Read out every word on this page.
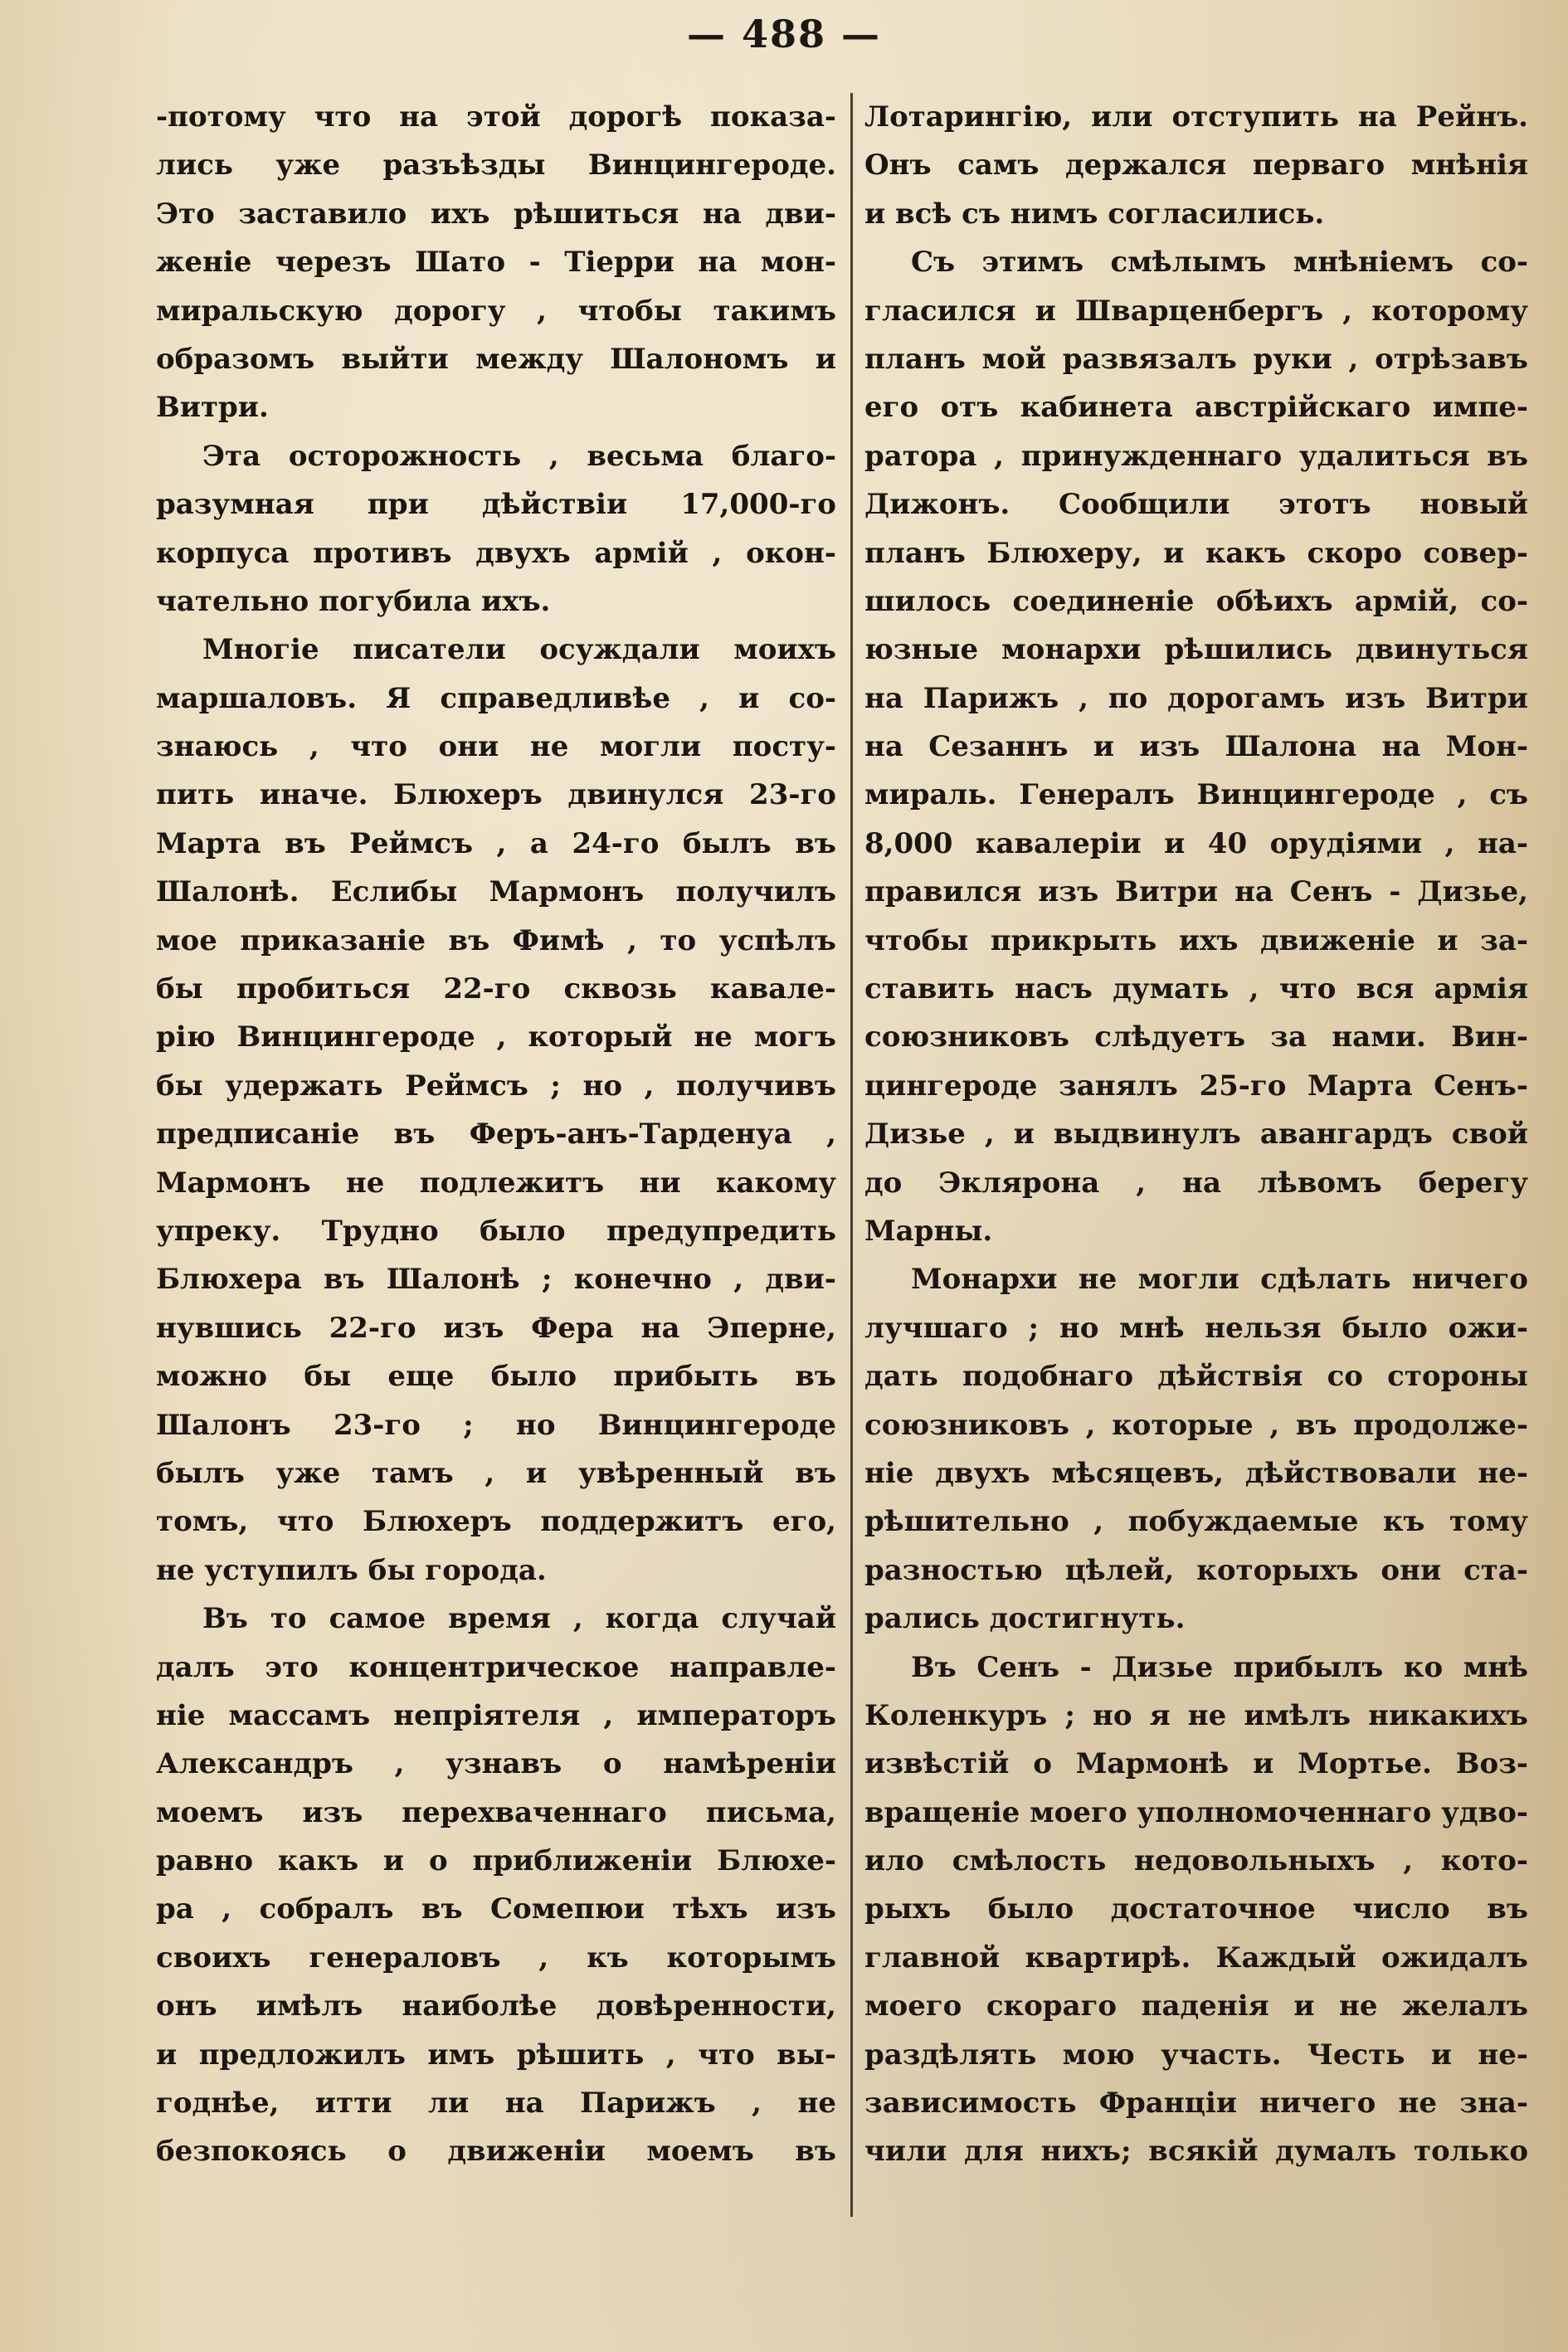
— 488 —
-потому что на этой дорогѣ показа-
лись уже разъѣзды Винцингероде.
Это заставило ихъ рѣшиться на дви-
женіе черезъ Шато - Тіерри на мон-
миральскую дорогу , чтобы такимъ
образомъ выйти между Шалономъ и
Витри.
Эта осторожность , весьма благо-
разумная при дѣйствіи 17,000-го
корпуса противъ двухъ армій , окон-
чательно погубила ихъ.
Многіе писатели осуждали моихъ
маршаловъ. Я справедливѣе , и со-
знаюсь , что они не могли посту-
пить иначе. Блюхеръ двинулся 23-го
Марта въ Реймсъ , а 24-го былъ въ
Шалонѣ. Еслибы Мармонъ получилъ
мое приказаніе въ Фимѣ , то успѣлъ
бы пробиться 22-го сквозь кавале-
рію Винцингероде , который не могъ
бы удержать Реймсъ ; но , получивъ
предписаніе въ Феръ-анъ-Тарденуа ,
Мармонъ не подлежитъ ни какому
упреку. Трудно было предупредить
Блюхера въ Шалонѣ ; конечно , дви-
нувшись 22-го изъ Фера на Эперне,
можно бы еще было прибыть въ
Шалонъ 23-го ; но Винцингероде
былъ уже тамъ , и увѣренный въ
томъ, что Блюхеръ поддержитъ его,
не уступилъ бы города.
Въ то самое время , когда случай
далъ это концентрическое направле-
ніе массамъ непріятеля , императоръ
Александръ , узнавъ о намѣреніи
моемъ изъ перехваченнаго письма,
равно какъ и о приближеніи Блюхе-
ра , собралъ въ Сомепюи тѣхъ изъ
своихъ генераловъ , къ которымъ
онъ имѣлъ наиболѣе довѣренности,
и предложилъ имъ рѣшить , что вы-
годнѣе, итти ли на Парижъ , не
безпокоясь о движеніи моемъ въ
Лотарингію, или отступить на Рейнъ.
Онъ самъ держался перваго мнѣнія
и всѣ съ нимъ согласились.
Съ этимъ смѣлымъ мнѣніемъ со-
гласился и Шварценбергъ , которому
планъ мой развязалъ руки , отрѣзавъ
его отъ кабинета австрійскаго импе-
ратора , принужденнаго удалиться въ
Дижонъ. Сообщили этотъ новый
планъ Блюхеру, и какъ скоро совер-
шилось соединеніе обѣихъ армій, со-
юзные монархи рѣшились двинуться
на Парижъ , по дорогамъ изъ Витри
на Сезаннъ и изъ Шалона на Мон-
мираль. Генералъ Винцингероде , съ
8,000 кавалеріи и 40 орудіями , на-
правился изъ Витри на Сенъ - Дизье,
чтобы прикрыть ихъ движеніе и за-
ставить насъ думать , что вся армія
союзниковъ слѣдуетъ за нами. Вин-
цингероде занялъ 25-го Марта Сенъ-
Дизье , и выдвинулъ авангардъ свой
до Эклярона , на лѣвомъ берегу
Марны.
Монархи не могли сдѣлать ничего
лучшаго ; но мнѣ нельзя было ожи-
дать подобнаго дѣйствія со стороны
союзниковъ , которые , въ продолже-
ніе двухъ мѣсяцевъ, дѣйствовали не-
рѣшительно , побуждаемые къ тому
разностью цѣлей, которыхъ они ста-
рались достигнуть.
Въ Сенъ - Дизье прибылъ ко мнѣ
Коленкуръ ; но я не имѣлъ никакихъ
извѣстій о Мармонѣ и Мортье. Воз-
вращеніе моего уполномоченнаго удво-
ило смѣлость недовольныхъ , кото-
рыхъ было достаточное число въ
главной квартирѣ. Каждый ожидалъ
моего скораго паденія и не желалъ
раздѣлять мою участь. Честь и не-
зависимость Франціи ничего не зна-
чили для нихъ; всякій думалъ только
